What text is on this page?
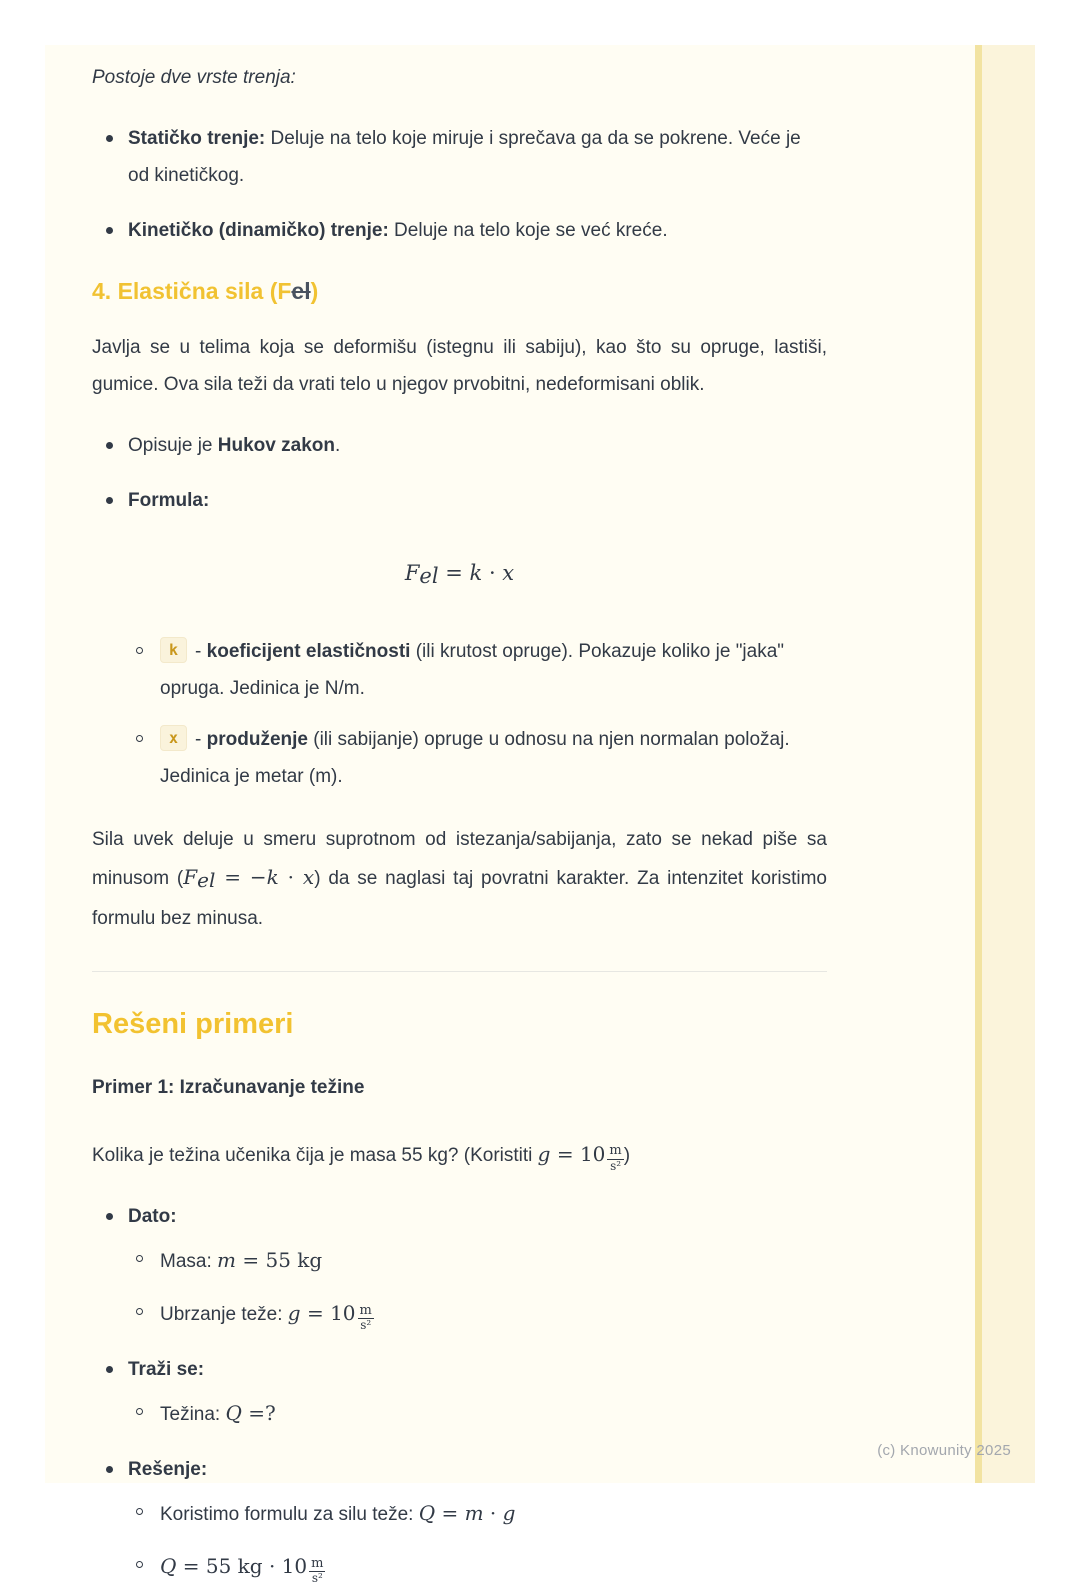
Postoje dve vrste trenja:

Statičko trenje: Deluje na telo koje miruje i sprečava ga da se pokrene. Veće je od kinetičkog.
Kinetičko (dinamičko) trenje: Deluje na telo koje se već kreće.
4. Elastična sila (Fel)

Javlja se u telima koja se deformišu (istegnu ili sabiju), kao što su opruge, lastiši, gumice. Ova sila teži da vrati telo u njegov prvobitni, nedeformisani oblik.

Opisuje je Hukov zakon.
Formula:
Fel = k · x
k - koeficijent elastičnosti (ili krutost opruge). Pokazuje koliko je "jaka" opruga. Jedinica je N/m.
x - produženje (ili sabijanje) opruge u odnosu na njen normalan položaj. Jedinica je metar (m).

Sila uvek deluje u smeru suprotnom od istezanja/sabijanja, zato se nekad piše sa minusom (Fel = −k · x) da se naglasi taj povratni karakter. Za intenzitet koristimo formulu bez minusa.

Rešeni primeri
Primer 1: Izračunavanje težine

Kolika je težina učenika čija je masa 55 kg? (Koristiti $g = 10 \frac{m}{\text{s²}}$ )

Dato:
Masa: m = 55 kg
Ubrzanje teže: $g = 10 \frac{m}{\text{s²}}$
Traži se:
Težina: Q =?
Rešenje:
Koristimo formulu za silu teže: Q = m · g
Q = 55 kg · $10 \frac{m}{\text{s²}}$
(c) Knowunity 2025
